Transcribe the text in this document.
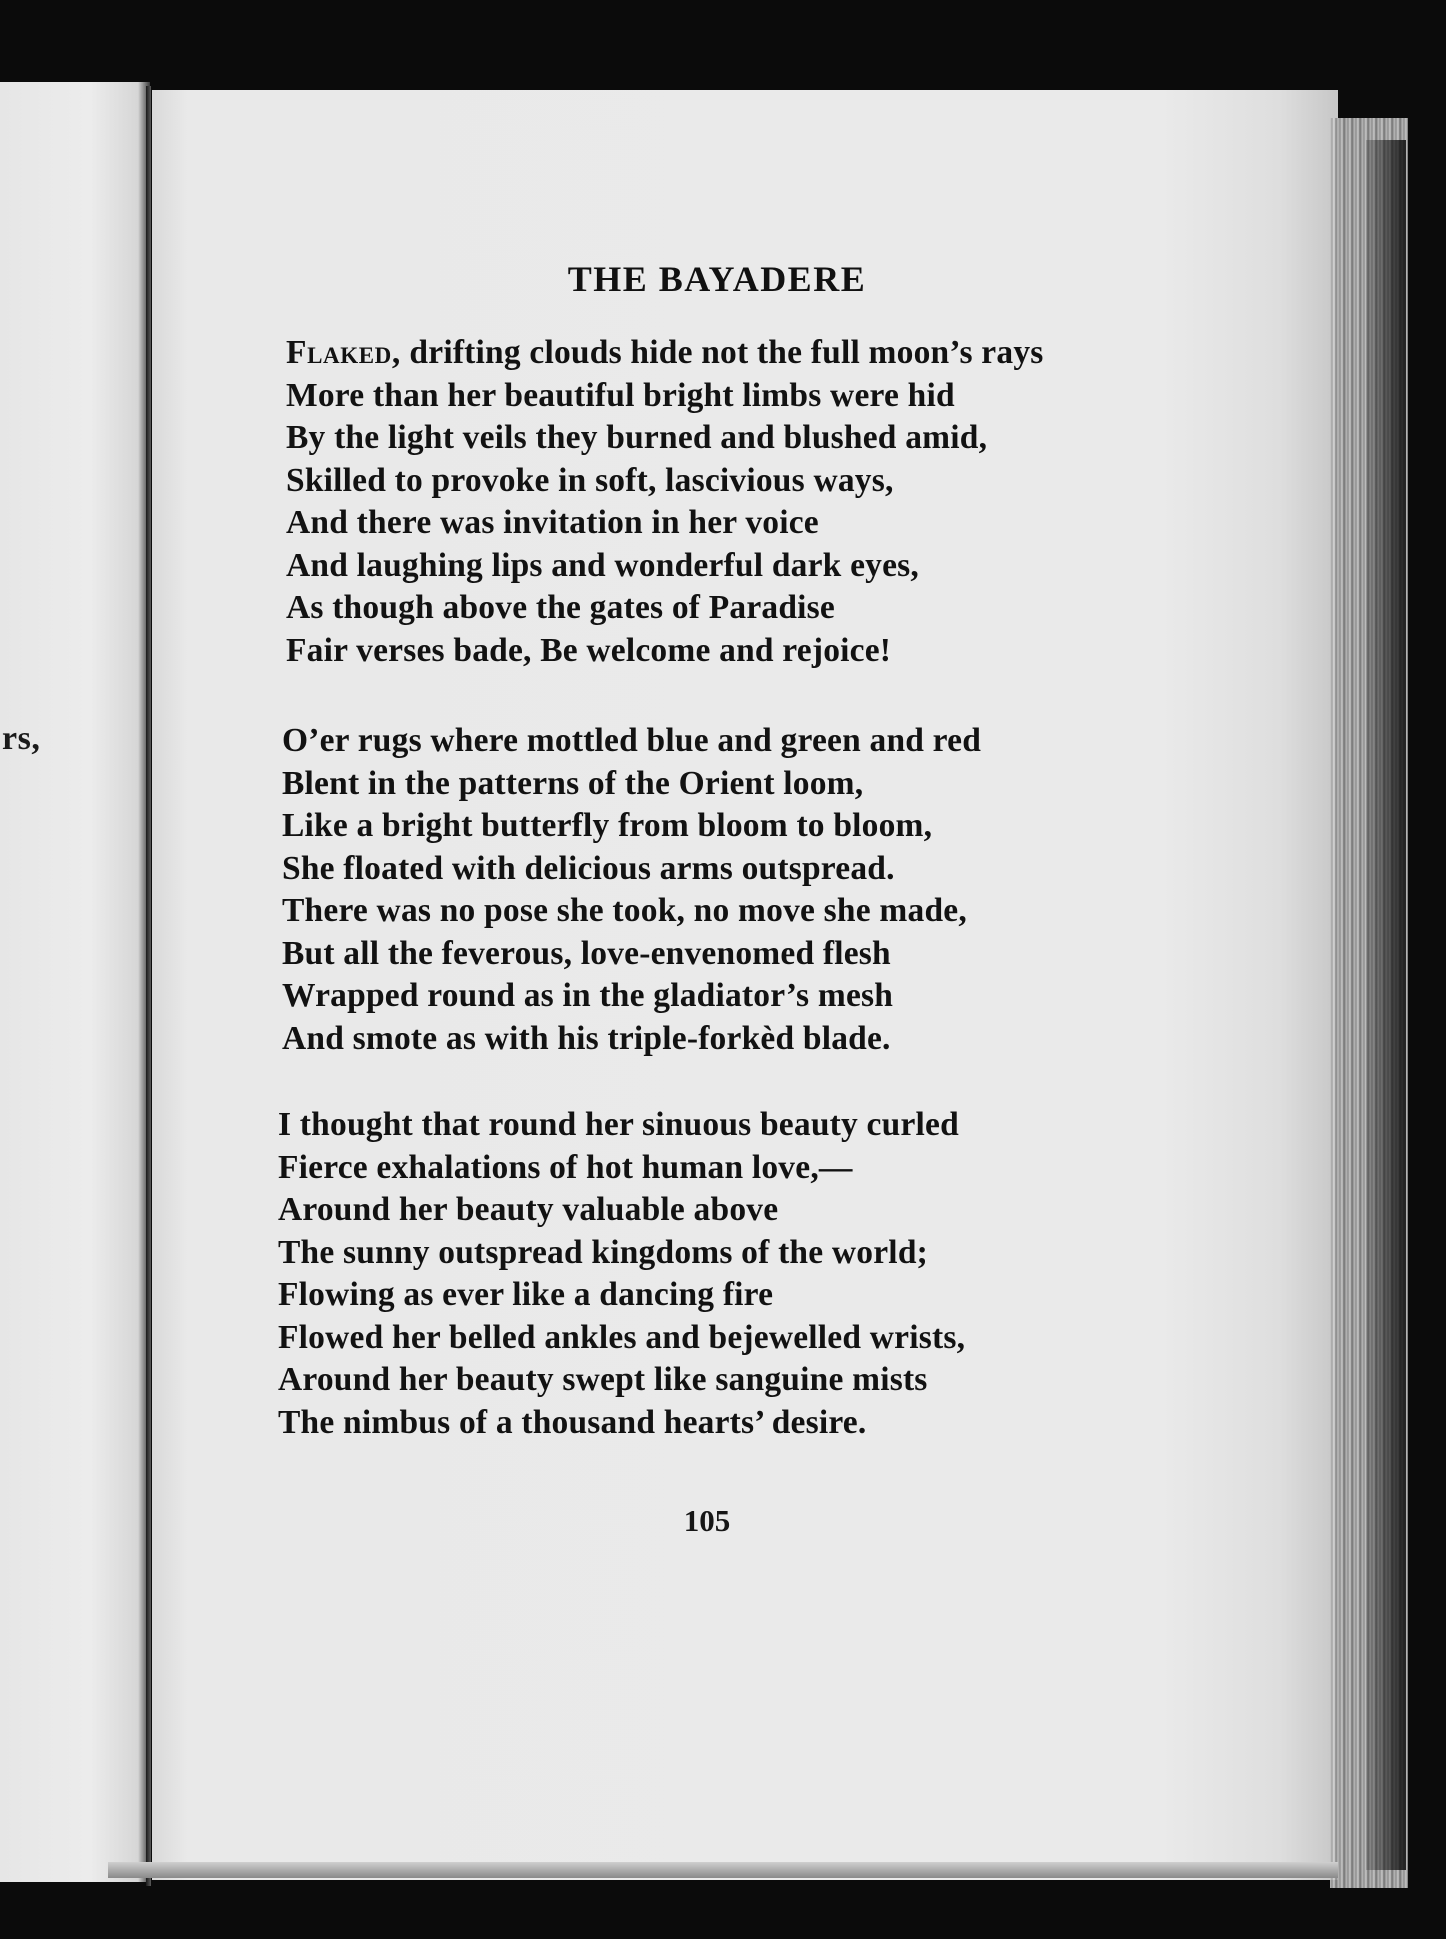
rs,
THE BAYADERE
Flaked, drifting clouds hide not the full moon’s rays
More than her beautiful bright limbs were hid
By the light veils they burned and blushed amid,
Skilled to provoke in soft, lascivious ways,
And there was invitation in her voice
And laughing lips and wonderful dark eyes,
As though above the gates of Paradise
Fair verses bade, Be welcome and rejoice!
O’er rugs where mottled blue and green and red
Blent in the patterns of the Orient loom,
Like a bright butterfly from bloom to bloom,
She floated with delicious arms outspread.
There was no pose she took, no move she made,
But all the feverous, love-envenomed flesh
Wrapped round as in the gladiator’s mesh
And smote as with his triple-forkèd blade.
I thought that round her sinuous beauty curled
Fierce exhalations of hot human love,—
Around her beauty valuable above
The sunny outspread kingdoms of the world;
Flowing as ever like a dancing fire
Flowed her belled ankles and bejewelled wrists,
Around her beauty swept like sanguine mists
The nimbus of a thousand hearts’ desire.
105
